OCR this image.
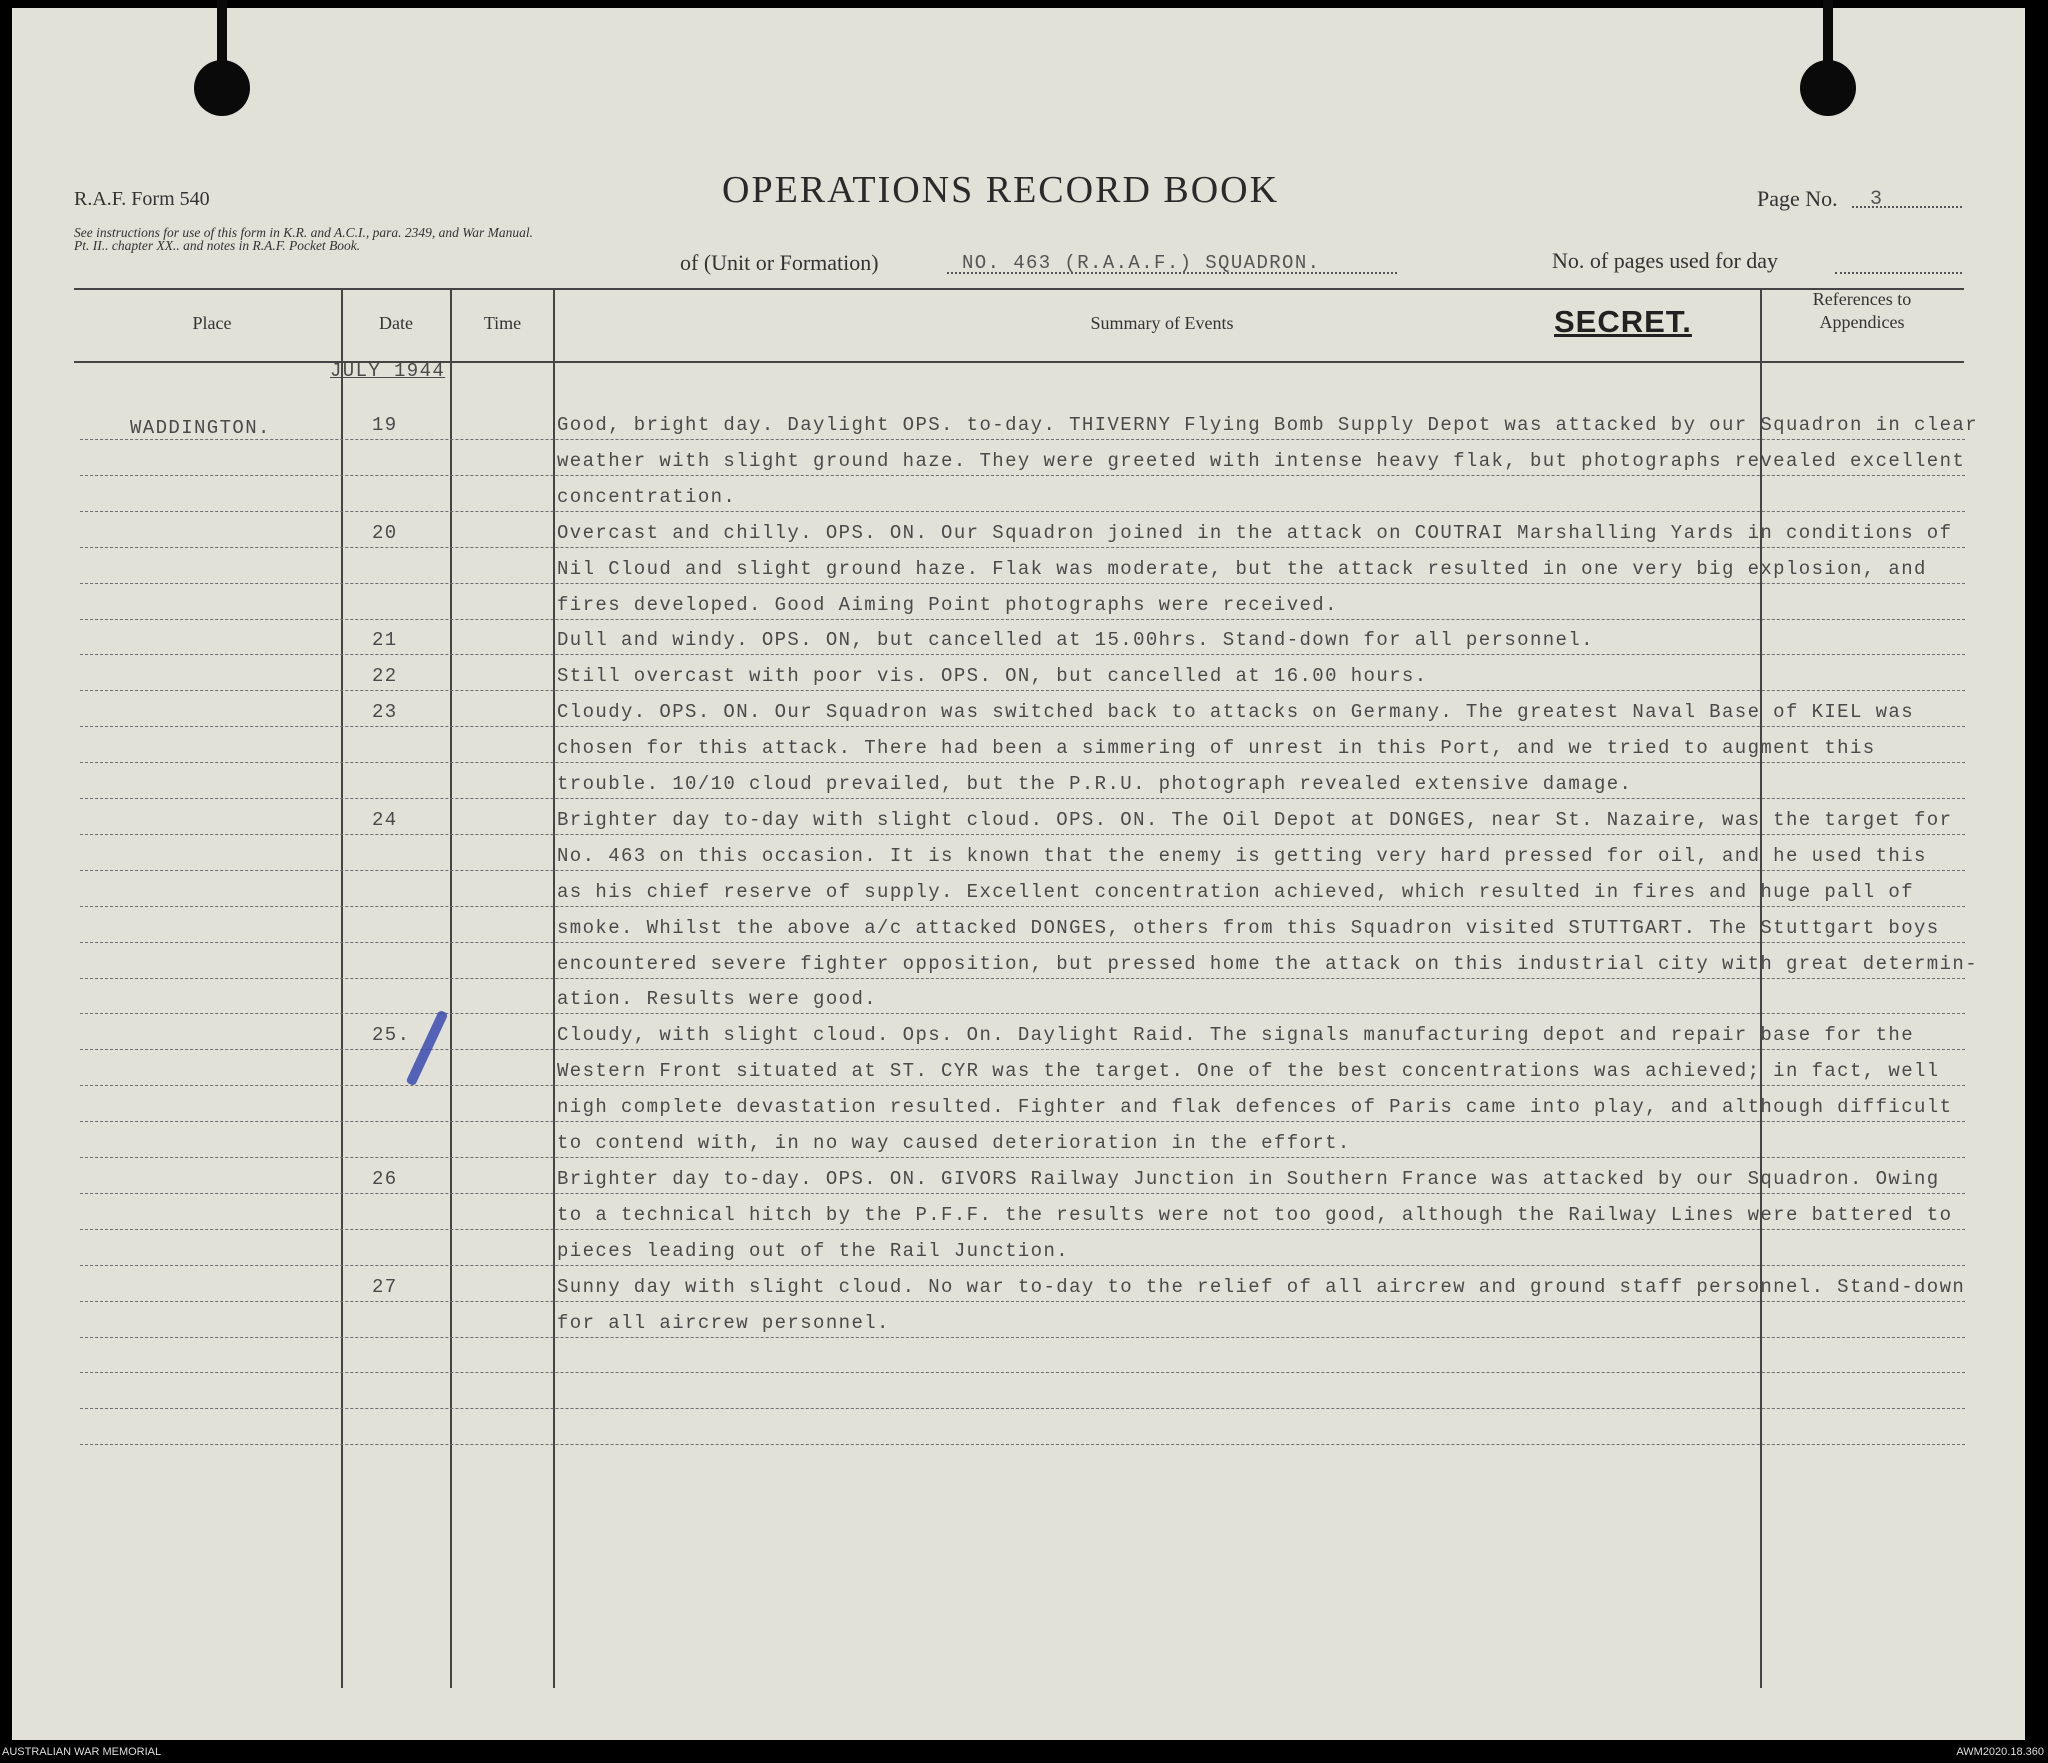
R.A.F. Form 540
See instructions for use of this form in K.R. and A.C.I., para. 2349, and War Manual. Pt. II.. chapter XX.. and notes in R.A.F. Pocket Book.
OPERATIONS RECORD BOOK	Page No. 3
of (Unit or Formation)	NO. 463 (R.A.A.F.) SQUADRON.	No. of pages used for day
Place	Date	Time	Summary of Events
References to Appendices
SECRET.
JULY 1944
WADDINGTON.	19	Good, bright day. Daylight OPS. to-day. THIVERNY Flying Bomb Supply Depot was attacked by our Squadron in clear
weather with slight ground haze. They were greeted with intense heavy flak, but photographs revealed excellent
concentration.
20	Overcast and chilly. OPS. ON. Our Squadron joined in the attack on COUTRAI Marshalling Yards in conditions of
Nil Cloud and slight ground haze. Flak was moderate, but the attack resulted in one very big explosion, and
fires developed. Good Aiming Point photographs were received.
21	Dull and windy. OPS. ON, but cancelled at 15.00hrs. Stand-down for all personnel.
22	Still overcast with poor vis. OPS. ON, but cancelled at 16.00 hours.
23	Cloudy. OPS. ON. Our Squadron was switched back to attacks on Germany. The greatest Naval Base of KIEL was
chosen for this attack. There had been a simmering of unrest in this Port, and we tried to augment this
trouble. 10/10 cloud prevailed, but the P.R.U. photograph revealed extensive damage.
24	Brighter day to-day with slight cloud. OPS. ON. The Oil Depot at DONGES, near St. Nazaire, was the target for
No. 463 on this occasion. It is known that the enemy is getting very hard pressed for oil, and he used this
as his chief reserve of supply. Excellent concentration achieved, which resulted in fires and huge pall of
smoke. Whilst the above a/c attacked DONGES, others from this Squadron visited STUTTGART. The Stuttgart boys
encountered severe fighter opposition, but pressed home the attack on this industrial city with great determin-
ation. Results were good.
25.	Cloudy, with slight cloud. Ops. On. Daylight Raid. The signals manufacturing depot and repair base for the
Western Front situated at ST. CYR was the target. One of the best concentrations was achieved; in fact, well
nigh complete devastation resulted. Fighter and flak defences of Paris came into play, and although difficult
to contend with, in no way caused deterioration in the effort.
26	Brighter day to-day. OPS. ON. GIVORS Railway Junction in Southern France was attacked by our Squadron. Owing
to a technical hitch by the P.F.F. the results were not too good, although the Railway Lines were battered to
pieces leading out of the Rail Junction.
27	Sunny day with slight cloud. No war to-day to the relief of all aircrew and ground staff personnel. Stand-down
for all aircrew personnel.
AUSTRALIAN WAR MEMORIAL	AWM2020.18.360
